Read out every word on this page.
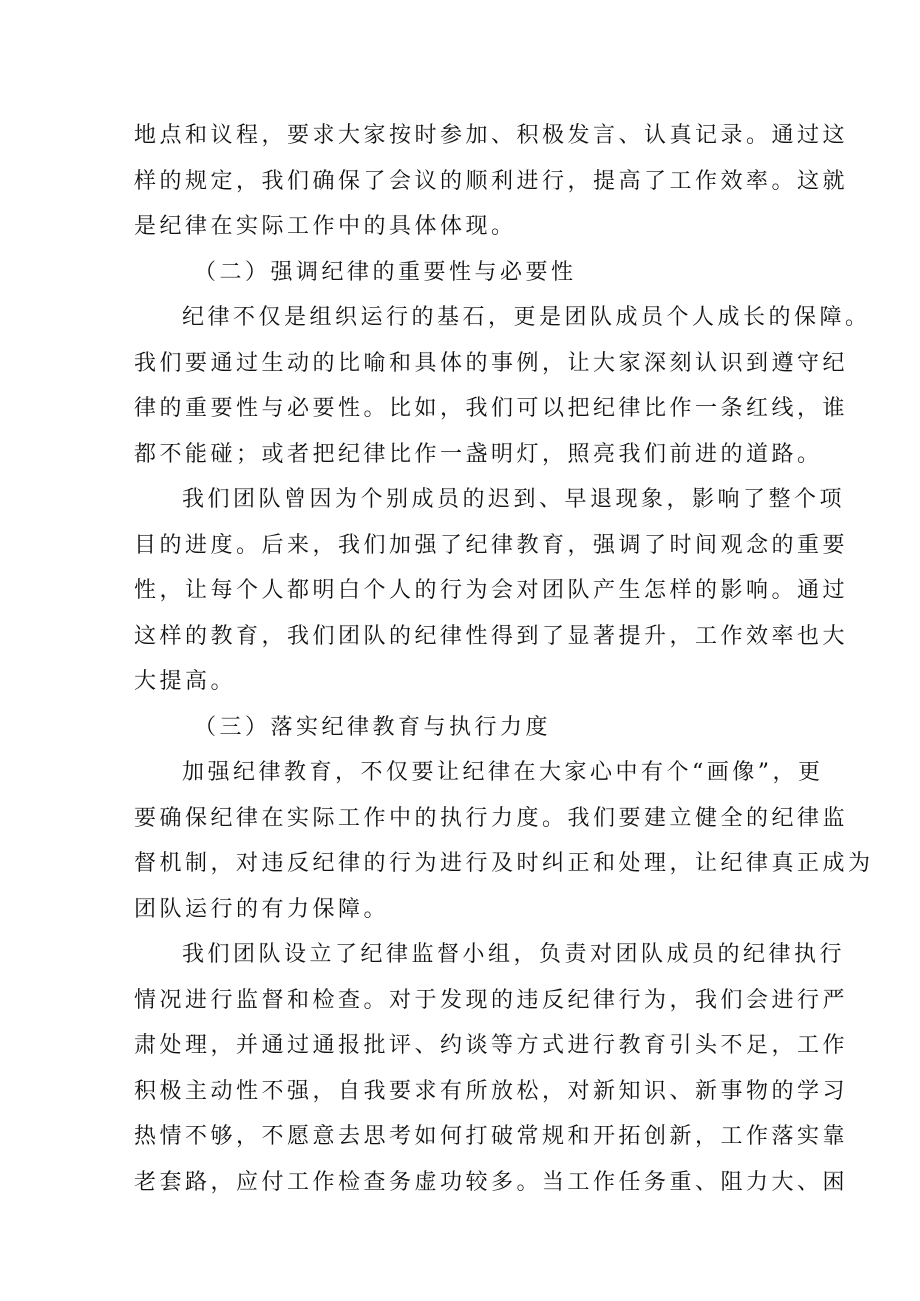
地点和议程，要求大家按时参加、积极发言、认真记录。通过这
样的规定，我们确保了会议的顺利进行，提高了工作效率。这就
是纪律在实际工作中的具体体现。
（二）强调纪律的重要性与必要性
纪律不仅是组织运行的基石，更是团队成员个人成长的保障。
我们要通过生动的比喻和具体的事例，让大家深刻认识到遵守纪
律的重要性与必要性。比如，我们可以把纪律比作一条红线，谁
都不能碰；或者把纪律比作一盏明灯，照亮我们前进的道路。
我们团队曾因为个别成员的迟到、早退现象，影响了整个项
目的进度。后来，我们加强了纪律教育，强调了时间观念的重要
性，让每个人都明白个人的行为会对团队产生怎样的影响。通过
这样的教育，我们团队的纪律性得到了显著提升，工作效率也大
大提高。
（三）落实纪律教育与执行力度
加强纪律教育，不仅要让纪律在大家心中有个“画像”，更
要确保纪律在实际工作中的执行力度。我们要建立健全的纪律监
督机制，对违反纪律的行为进行及时纠正和处理，让纪律真正成为
团队运行的有力保障。
我们团队设立了纪律监督小组，负责对团队成员的纪律执行
情况进行监督和检查。对于发现的违反纪律行为，我们会进行严
肃处理，并通过通报批评、约谈等方式进行教育引头不足，工作
积极主动性不强，自我要求有所放松，对新知识、新事物的学习
热情不够，不愿意去思考如何打破常规和开拓创新，工作落实靠
老套路，应付工作检查务虚功较多。当工作任务重、阻力大、困
